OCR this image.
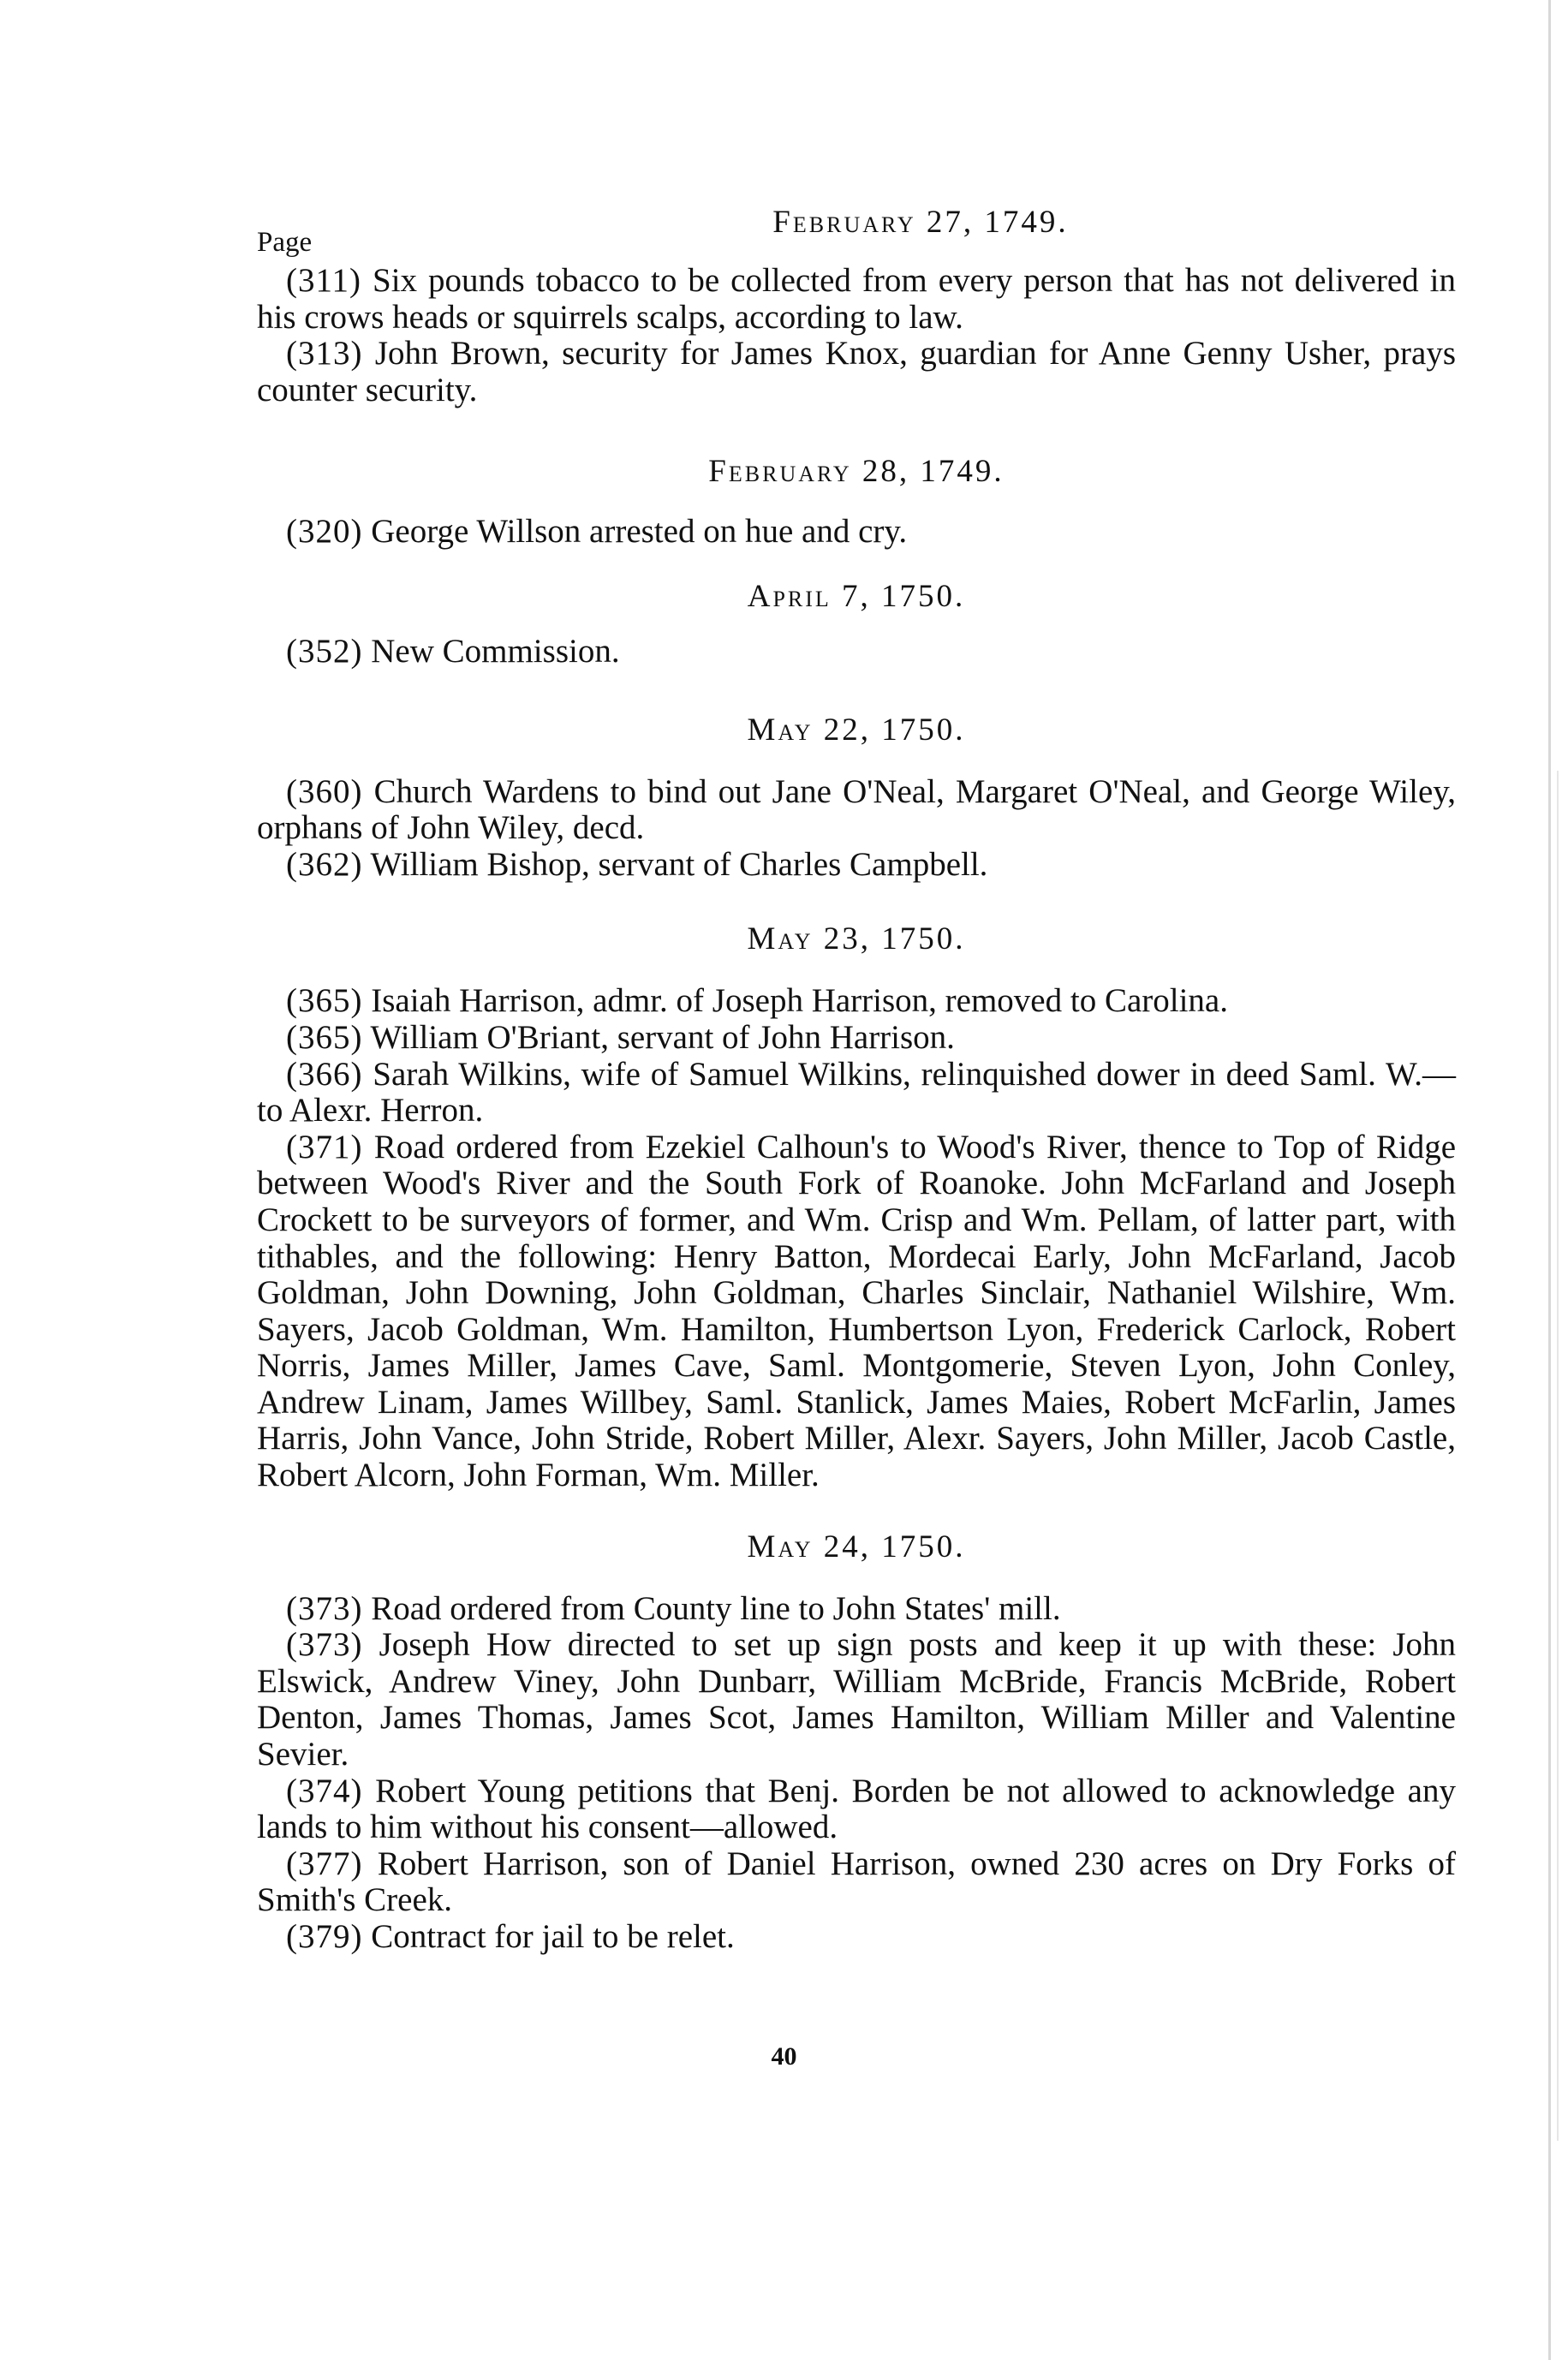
February 27, 1749.
Page

(311) Six pounds tobacco to be collected from every person that has not delivered in his crows heads or squirrels scalps, according to law.

(313) John Brown, security for James Knox, guardian for Anne Genny Usher, prays counter security.

February 28, 1749.

(320) George Willson arrested on hue and cry.

April 7, 1750.

(352) New Commission.

May 22, 1750.

(360) Church Wardens to bind out Jane O'Neal, Margaret O'Neal, and George Wiley, orphans of John Wiley, decd.

(362) William Bishop, servant of Charles Campbell.

May 23, 1750.

(365) Isaiah Harrison, admr. of Joseph Harrison, removed to Carolina.

(365) William O'Briant, servant of John Harrison.

(366) Sarah Wilkins, wife of Samuel Wilkins, relinquished dower in deed Saml. W.—to Alexr. Herron.

(371) Road ordered from Ezekiel Calhoun's to Wood's River, thence to Top of Ridge between Wood's River and the South Fork of Roanoke. John McFarland and Joseph Crockett to be surveyors of former, and Wm. Crisp and Wm. Pellam, of latter part, with tithables, and the following: Henry Batton, Mordecai Early, John McFarland, Jacob Goldman, John Downing, John Goldman, Charles Sinclair, Nathaniel Wilshire, Wm. Sayers, Jacob Goldman, Wm. Hamilton, Humbertson Lyon, Frederick Carlock, Robert Norris, James Miller, James Cave, Saml. Montgomerie, Steven Lyon, John Conley, Andrew Linam, James Willbey, Saml. Stanlick, James Maies, Robert McFarlin, James Harris, John Vance, John Stride, Robert Miller, Alexr. Sayers, John Miller, Jacob Castle, Robert Alcorn, John Forman, Wm. Miller.

May 24, 1750.

(373) Road ordered from County line to John States' mill.

(373) Joseph How directed to set up sign posts and keep it up with these: John Elswick, Andrew Viney, John Dunbarr, William McBride, Francis McBride, Robert Denton, James Thomas, James Scot, James Hamilton, William Miller and Valentine Sevier.

(374) Robert Young petitions that Benj. Borden be not allowed to acknowledge any lands to him without his consent—allowed.

(377) Robert Harrison, son of Daniel Harrison, owned 230 acres on Dry Forks of Smith's Creek.

(379) Contract for jail to be relet.

40
